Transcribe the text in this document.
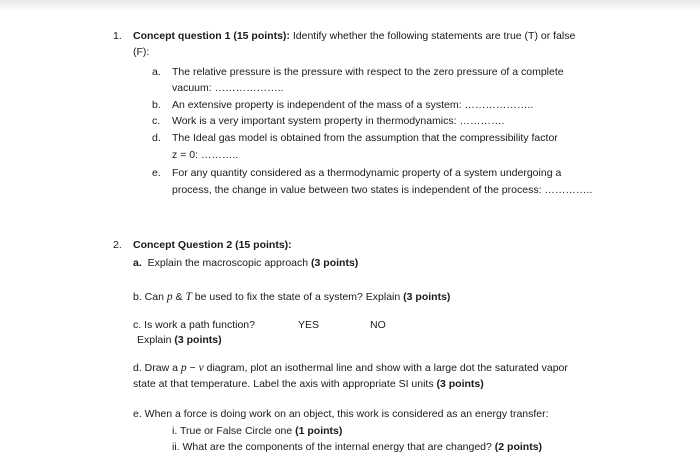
1. Concept question 1 (15 points): Identify whether the following statements are true (T) or false
(F):
a. The relative pressure is the pressure with respect to the zero pressure of a complete
vacuum: ………………..
b. An extensive property is independent of the mass of a system: ………………..
c. Work is a very important system property in thermodynamics: ………….
d. The Ideal gas model is obtained from the assumption that the compressibility factor
z = 0: ………..
e. For any quantity considered as a thermodynamic property of a system undergoing a
process, the change in value between two states is independent of the process: …………..
2. Concept Question 2 (15 points):
a. Explain the macroscopic approach (3 points)
b. Can p & T be used to fix the state of a system? Explain (3 points)
c. Is work a path function?	YES	NO
Explain (3 points)
d. Draw a p − v diagram, plot an isothermal line and show with a large dot the saturated vapor
state at that temperature. Label the axis with appropriate SI units (3 points)
e. When a force is doing work on an object, this work is considered as an energy transfer:
i. True or False Circle one (1 points)
ii. What are the components of the internal energy that are changed? (2 points)
